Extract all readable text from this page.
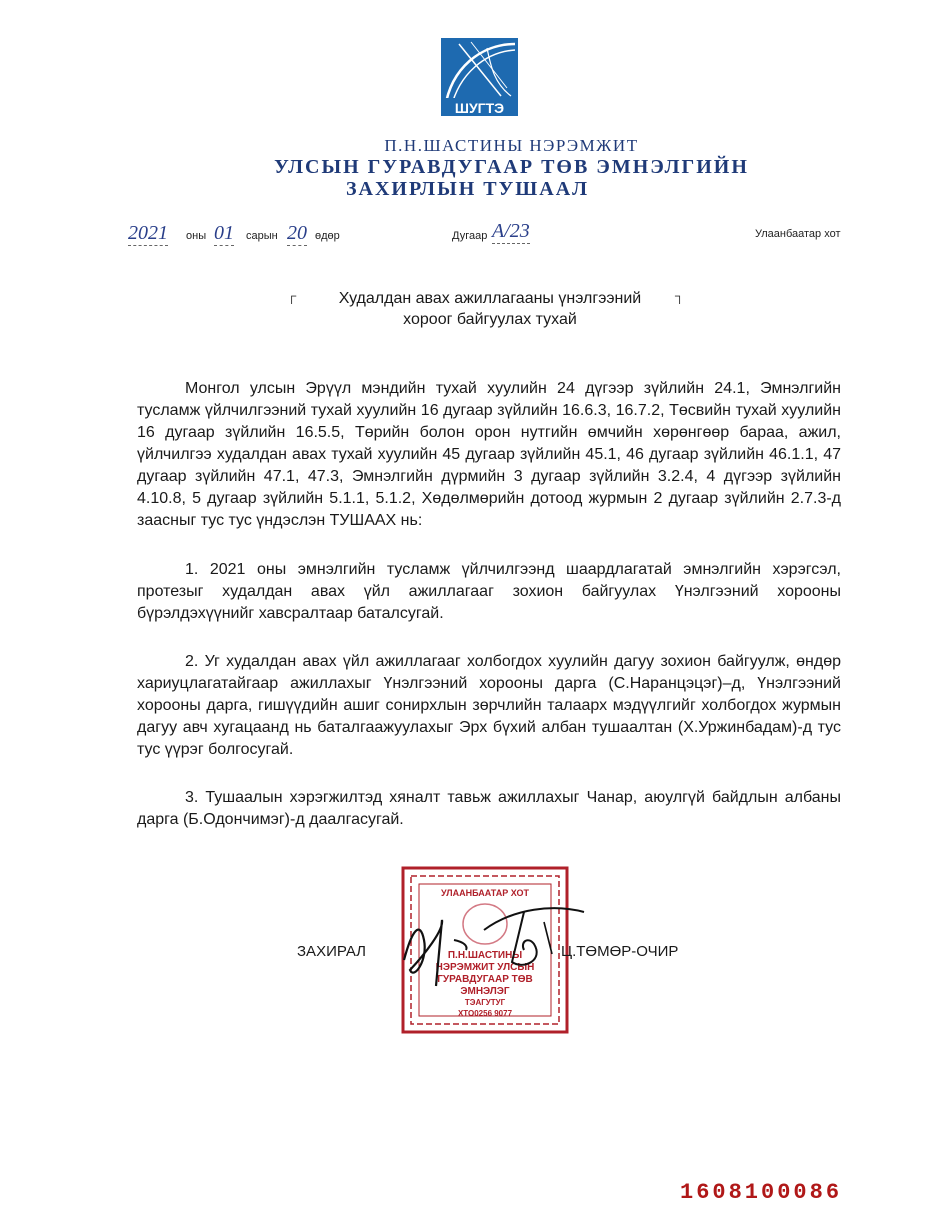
ШУГТЭ
П.Н.ШАСТИНЫ НЭРЭМЖИТ
УЛСЫН ГУРАВДУГААР ТӨВ ЭМНЭЛГИЙН
ЗАХИРЛЫН ТУШААЛ
2021 оны 01 сарын 20 өдөр	Дугаар А/23	Улаанбаатар хот
┌	Худалдан авах ажиллагааны үнэлгээний
хороог байгуулах тухай
┐
Монгол улсын Эрүүл мэндийн тухай хуулийн 24 дүгээр зүйлийн 24.1, Эмнэлгийн тусламж үйлчилгээний тухай хуулийн 16 дугаар зүйлийн 16.6.3, 16.7.2, Төсвийн тухай хуулийн 16 дугаар зүйлийн 16.5.5, Төрийн болон орон нутгийн өмчийн хөрөнгөөр бараа, ажил, үйлчилгээ худалдан авах тухай хуулийн 45 дугаар зүйлийн 45.1, 46 дугаар зүйлийн 46.1.1, 47 дугаар зүйлийн 47.1, 47.3, Эмнэлгийн дүрмийн 3 дугаар зүйлийн 3.2.4, 4 дүгээр зүйлийн 4.10.8, 5 дугаар зүйлийн 5.1.1, 5.1.2, Хөдөлмөрийн дотоод журмын 2 дугаар зүйлийн 2.7.3-д заасныг тус тус үндэслэн ТУШААХ нь:
1. 2021 оны эмнэлгийн тусламж үйлчилгээнд шаардлагатай эмнэлгийн хэрэгсэл, протезыг худалдан авах үйл ажиллагааг зохион байгуулах Үнэлгээний хорооны бүрэлдэхүүнийг хавсралтаар баталсугай.
2. Уг худалдан авах үйл ажиллагааг холбогдох хуулийн дагуу зохион байгуулж, өндөр хариуцлагатайгаар ажиллахыг Үнэлгээний хорооны дарга (С.Наранцэцэг)–д, Үнэлгээний хорооны дарга, гишүүдийн ашиг сонирхлын зөрчлийн талаарх мэдүүлгийг холбогдох журмын дагуу авч хугацаанд нь баталгаажуулахыг Эрх бүхий албан тушаалтан (Х.Уржинбадам)-д тус тус үүрэг болгосугай.
3. Тушаалын хэрэгжилтэд хяналт тавьж ажиллахыг Чанар, аюулгүй байдлын албаны дарга (Б.Одончимэг)-д даалгасугай.
УЛААНБААТАР ХОТ
П.Н.ШАСТИНЫ
НЭРЭМЖИТ УЛСЫН
ГУРАВДУГААР ТӨВ
ЭМНЭЛЭГ
ТЭАГУТУГ
ХТО0256 9077
ЗАХИРАЛ	Ц.ТӨМӨР-ОЧИР
1608100086
